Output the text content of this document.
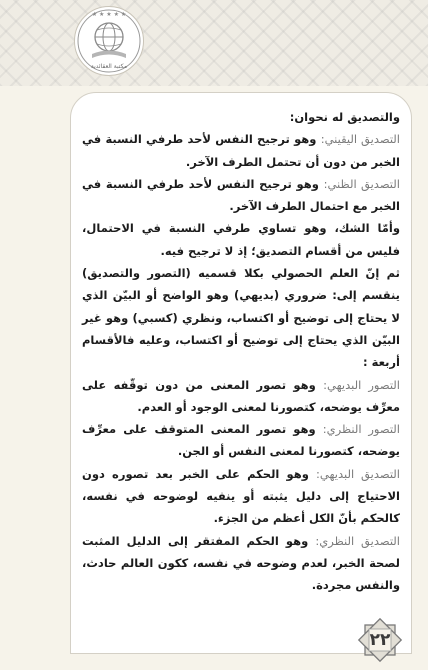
★ ★ ★ ★ ★
مكتبة العقائدية

والتصديق له نحوان:

التصديق اليقيني: وهو ترجيح النفس لأحد طرفي النسبة في الخبر من دون أن تحتمل الطرف الآخر.

التصديق الظني: وهو ترجيح النفس لأحد طرفي النسبة في الخبر مع احتمال الطرف الآخر.

وأمّا الشك، وهو تساوي طرفي النسبة في الاحتمال، فليس من أقسام التصديق؛ إذ لا ترجيح فيه.

ثم إنّ العلم الحصولي بكلا قسميه (التصور والتصديق) ينقسم إلى: ضروري (بديهي) وهو الواضح أو البيّن الذي لا يحتاج إلى توضيح أو اكتساب، ونظري (كسبي) وهو غير البيّن الذي يحتاج إلى توضيح أو اكتساب، وعليه فالأقسام أربعة :

التصور البديهي: وهو تصور المعنى من دون توقّفه على معرِّف يوضحه، كتصورنا لمعنى الوجود أو العدم.

التصور النظري: وهو تصور المعنى المتوقف على معرِّف يوضحه، كتصورنا لمعنى النفس أو الجن.

التصديق البديهي: وهو الحكم على الخبر بعد تصوره دون الاحتياج إلى دليل يثبته أو ينفيه لوضوحه في نفسه، كالحكم بأنّ الكل أعظم من الجزء.

التصديق النظري: وهو الحكم المفتقر إلى الدليل المثبت لصحة الخبر، لعدم وضوحه في نفسه، ككون العالم حادث، والنفس مجردة.

٢٢
